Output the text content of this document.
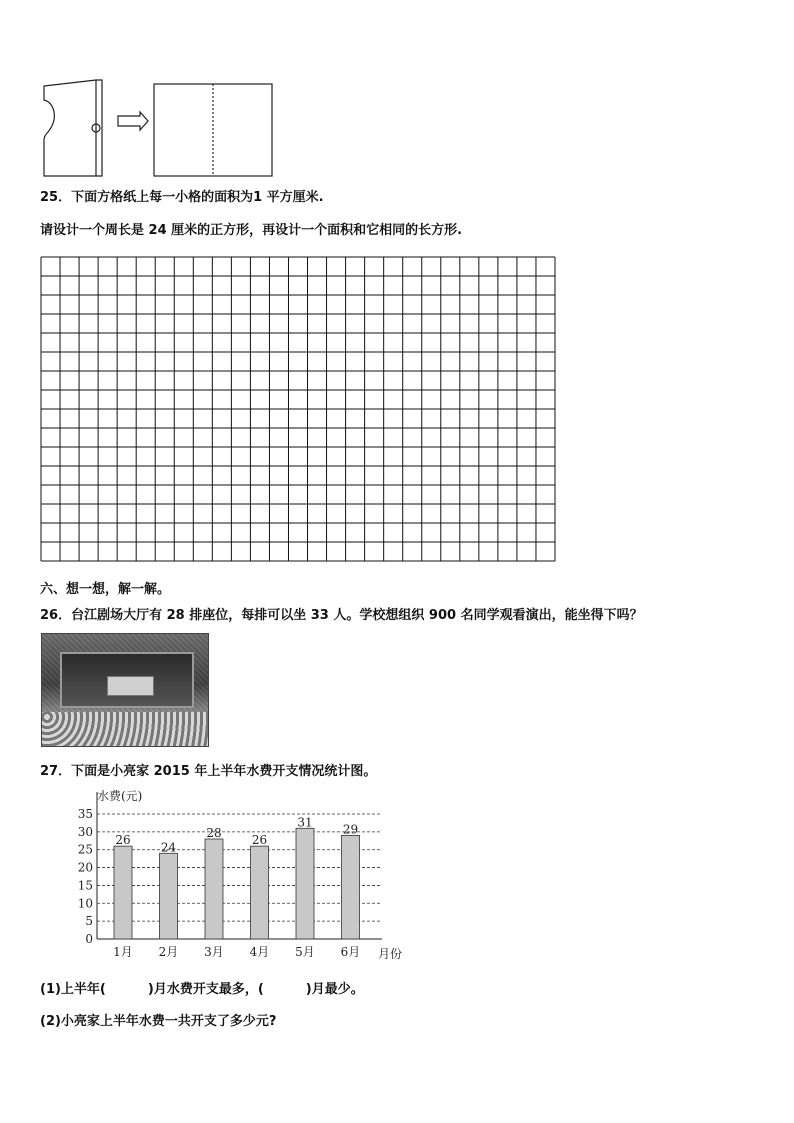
25．下面方格纸上每一小格的面积为1 平方厘米.
请设计一个周长是 24 厘米的正方形，再设计一个面积和它相同的长方形.
六、想一想，解一解。
26．台江剧场大厅有 28 排座位，每排可以坐 33 人。学校想组织 900 名同学观看演出，能坐得下吗？
27．下面是小亮家 2015 年上半年水费开支情况统计图。
水费(元)
月份
0
5
10
15
20
25
30
35
26
1月
24
2月
28
3月
26
4月
31
5月
29
6月
(1)上半年(	)月水费开支最多，(	)月最少。
(2)小亮家上半年水费一共开支了多少元?
